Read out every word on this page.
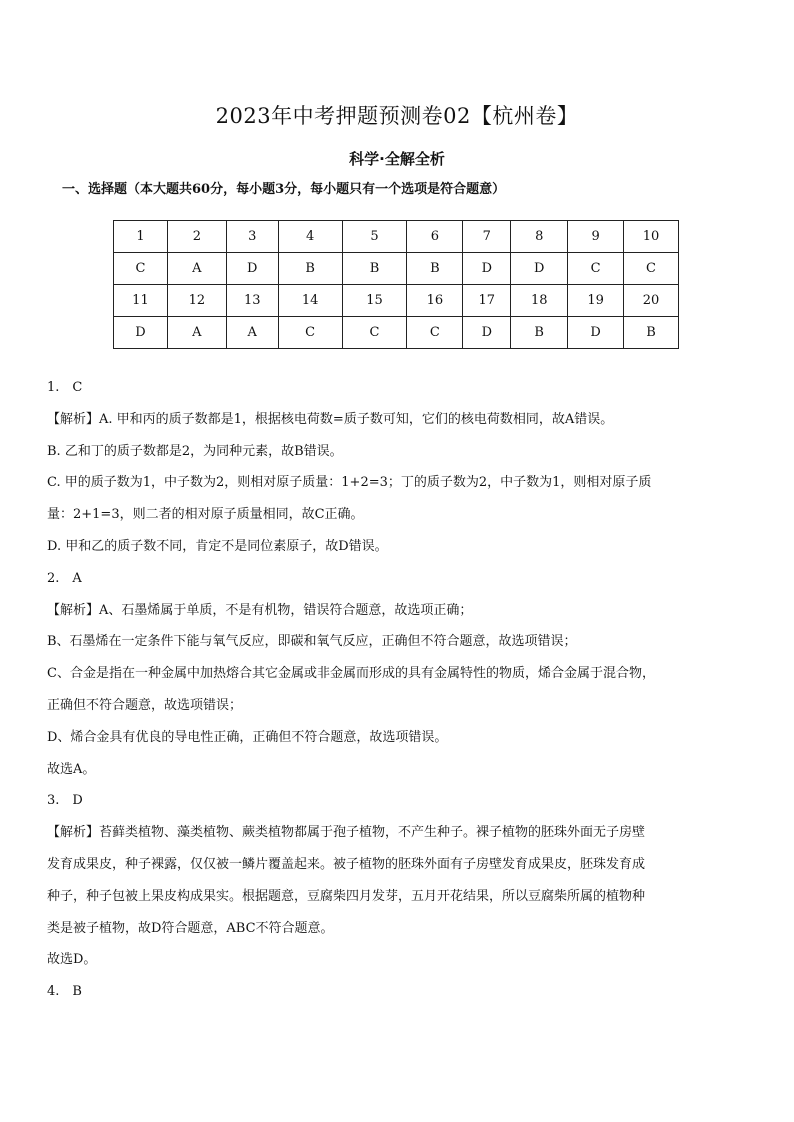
2023年中考押题预测卷02【杭州卷】
科学·全解全析
一、选择题（本大题共60分，每小题3分，每小题只有一个选项是符合题意）
1	2	3	4	5	6	7	8	9	10
C	A	D	B	B	B	D	D	C	C
11	12	13	14	15	16	17	18	19	20
D	A	A	C	C	C	D	B	D	B

1.　C

【解析】A. 甲和丙的质子数都是1，根据核电荷数=质子数可知，它们的核电荷数相同，故A错误。

B. 乙和丁的质子数都是2，为同种元素，故B错误。

C. 甲的质子数为1，中子数为2，则相对原子质量：1+2=3；丁的质子数为2，中子数为1，则相对原子质

量：2+1=3，则二者的相对原子质量相同，故C正确。

D. 甲和乙的质子数不同，肯定不是同位素原子，故D错误。

2.　A

【解析】A、石墨烯属于单质，不是有机物，错误符合题意，故选项正确；

B、石墨烯在一定条件下能与氧气反应，即碳和氧气反应，正确但不符合题意，故选项错误；

C、合金是指在一种金属中加热熔合其它金属或非金属而形成的具有金属特性的物质，烯合金属于混合物，

正确但不符合题意，故选项错误；

D、烯合金具有优良的导电性正确，正确但不符合题意，故选项错误。

故选A。

3.　D

【解析】苔藓类植物、藻类植物、蕨类植物都属于孢子植物，不产生种子。裸子植物的胚珠外面无子房壁

发育成果皮，种子裸露，仅仅被一鳞片覆盖起来。被子植物的胚珠外面有子房壁发育成果皮，胚珠发育成

种子，种子包被上果皮构成果实。根据题意，豆腐柴四月发芽，五月开花结果，所以豆腐柴所属的植物种

类是被子植物，故D符合题意，ABC不符合题意。

故选D。

4.　B
